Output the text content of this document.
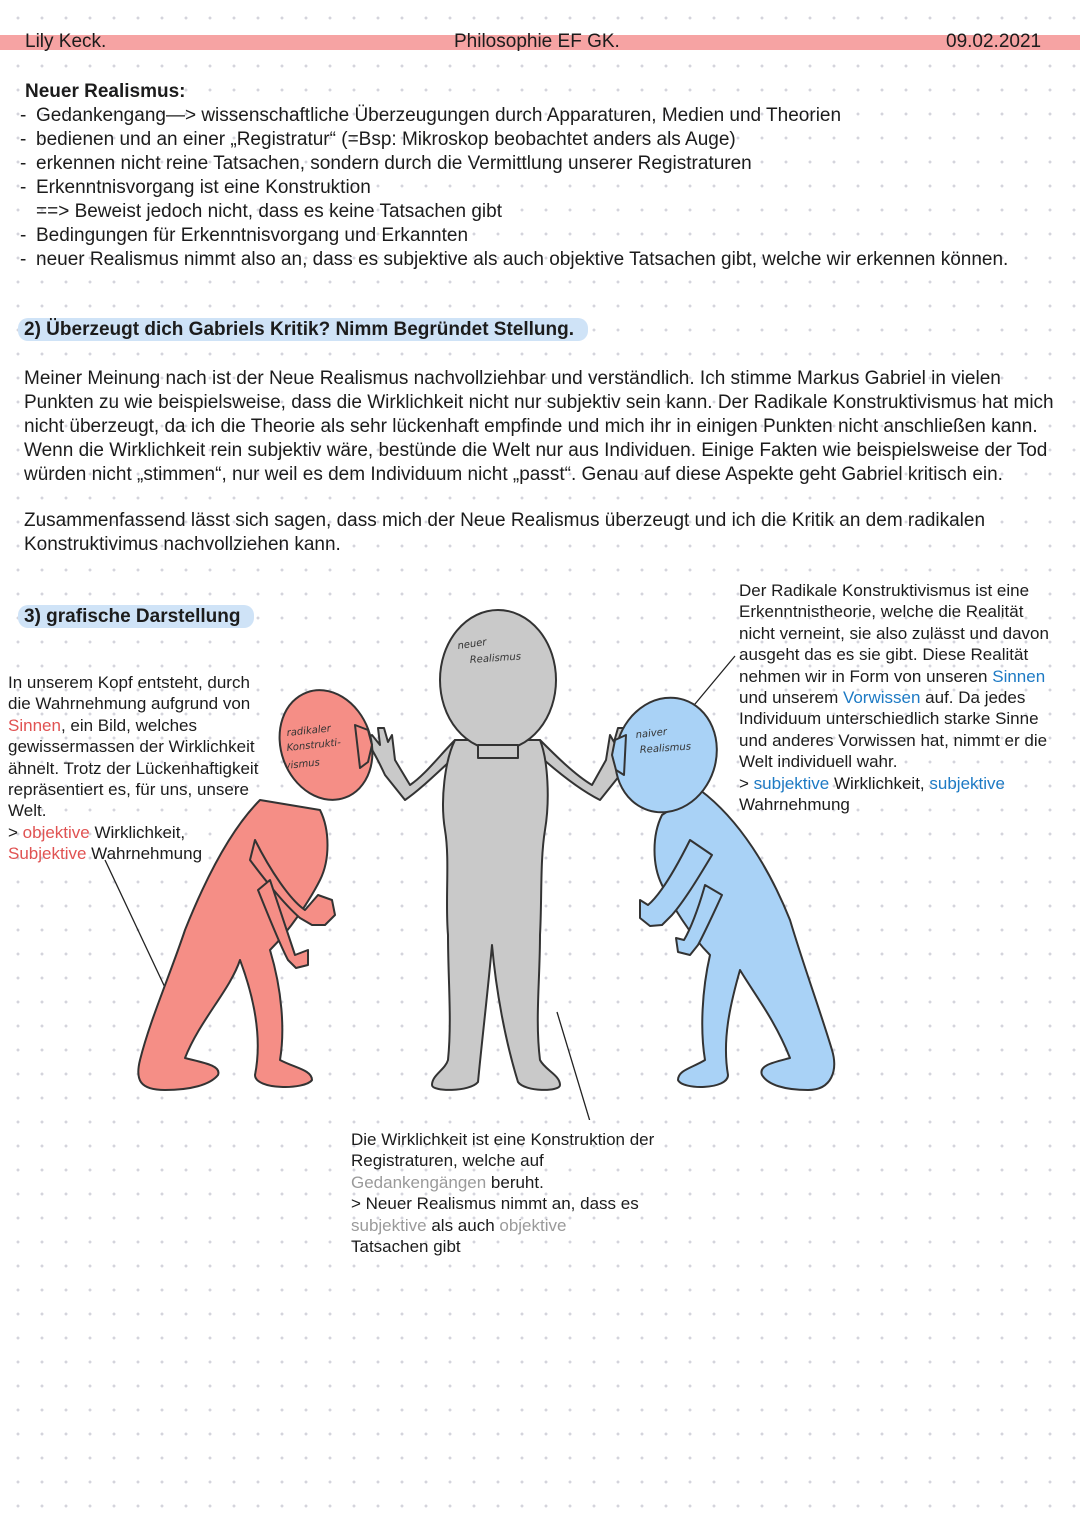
Lily Keck.	Philosophie EF GK.	09.02.2021

Neuer Realismus:

- Gedankengang—> wissenschaftliche Überzeugungen durch Apparaturen, Medien und Theorien
- bedienen und an einer „Registratur“ (=Bsp: Mikroskop beobachtet anders als Auge)
- erkennen nicht reine Tatsachen, sondern durch die Vermittlung unserer Registraturen
- Erkenntnisvorgang ist eine Konstruktion
==> Beweist jedoch nicht, dass es keine Tatsachen gibt
- Bedingungen für Erkenntnisvorgang und Erkannten
- neuer Realismus nimmt also an, dass es subjektive als auch objektive Tatsachen gibt, welche wir erkennen können.

2) Überzeugt dich Gabriels Kritik? Nimm Begründet Stellung.

Meiner Meinung nach ist der Neue Realismus nachvollziehbar und verständlich. Ich stimme Markus Gabriel in vielen Punkten zu wie beispielsweise, dass die Wirklichkeit nicht nur subjektiv sein kann. Der Radikale Konstruktivismus hat mich nicht überzeugt, da ich die Theorie als sehr lückenhaft empfinde und mich ihr in einigen Punkten nicht anschließen kann. Wenn die Wirklichkeit rein subjektiv wäre, bestünde die Welt nur aus Individuen. Einige Fakten wie beispielsweise der Tod würden nicht „stimmen“, nur weil es dem Individuum nicht „passt“. Genau auf diese Aspekte geht Gabriel kritisch ein.

Zusammenfassend lässt sich sagen, dass mich der Neue Realismus überzeugt und ich die Kritik an dem radikalen Konstruktivimus nachvollziehen kann.

3) grafische Darstellung

In unserem Kopf entsteht, durch die Wahrnehmung aufgrund von Sinnen, ein Bild, welches gewissermassen der Wirklichkeit ähnelt. Trotz der Lückenhaftigkeit repräsentiert es, für uns, unsere Welt.
> objektive Wirklichkeit,
Subjektive Wahrnehmung

Der Radikale Konstruktivismus ist eine Erkenntnistheorie, welche die Realität nicht verneint, sie also zulässt und davon ausgeht das es sie gibt. Diese Realität nehmen wir in Form von unseren Sinnen und unserem Vorwissen auf. Da jedes Individuum unterschiedlich starke Sinne und anderes Vorwissen hat, nimmt er die Welt individuell wahr.
> subjektive Wirklichkeit, subjektive
Wahrnehmung

Die Wirklichkeit ist eine Konstruktion der Registraturen, welche auf Gedankengängen beruht.
> Neuer Realismus nimmt an, dass es subjektive als auch objektive
Tatsachen gibt

neuer
Realismus
radikaler
Konstrukti-
vismus
naiver
Realismus
